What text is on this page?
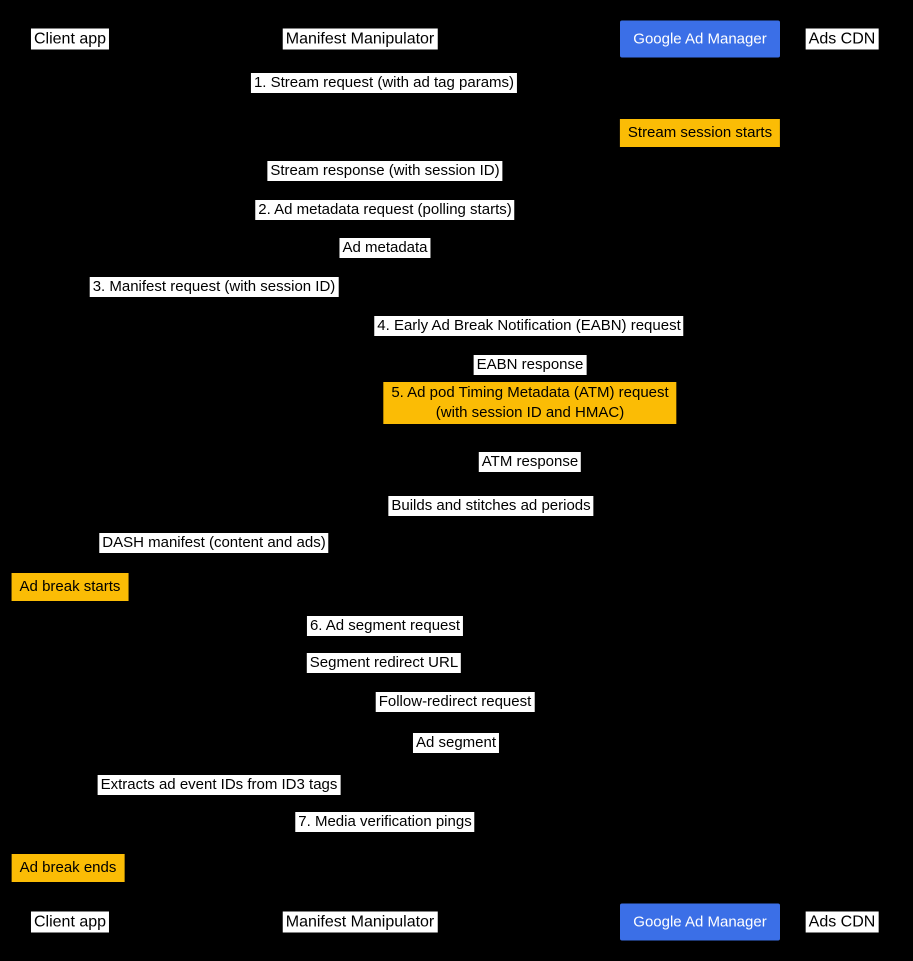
Client app	Manifest Manipulator	Google Ad Manager	Ads CDN
1. Stream request (with ad tag params)
Stream session starts
Stream response (with session ID)
2. Ad metadata request (polling starts)
Ad metadata
3. Manifest request (with session ID)
4. Early Ad Break Notification (EABN) request
EABN response
5. Ad pod Timing Metadata (ATM) request
(with session ID and HMAC)
ATM response
Builds and stitches ad periods
DASH manifest (content and ads)
Ad break starts
6. Ad segment request
Segment redirect URL
Follow-redirect request
Ad segment
Extracts ad event IDs from ID3 tags
7. Media verification pings
Ad break ends
Client app	Manifest Manipulator	Google Ad Manager	Ads CDN
